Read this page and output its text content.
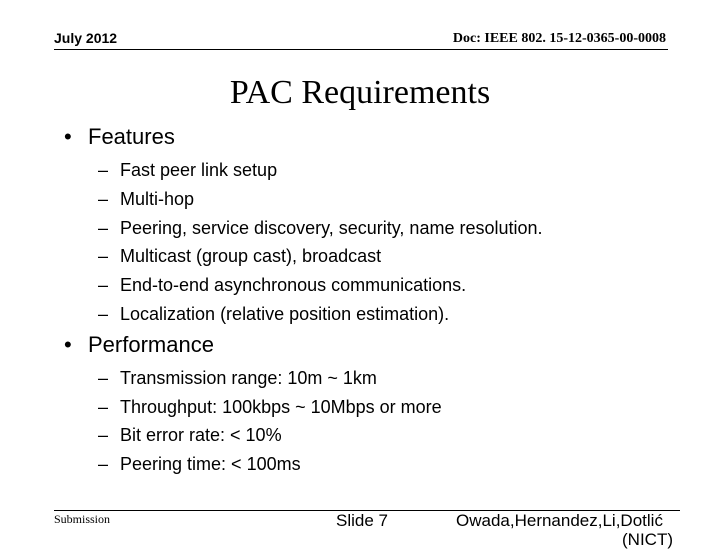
July 2012	Doc: IEEE 802. 15-12-0365-00-0008
PAC Requirements
• Features
– Fast peer link setup
– Multi-hop
– Peering, service discovery, security, name resolution.
– Multicast (group cast), broadcast
– End-to-end asynchronous communications.
– Localization (relative position estimation).
• Performance
– Transmission range: 10m ~ 1km
– Throughput: 100kbps ~ 10Mbps or more
– Bit error rate: < 10%
– Peering time: < 100ms
Submission	Slide 7	Owada,Hernandez,Li,Dotlić
(NICT)
